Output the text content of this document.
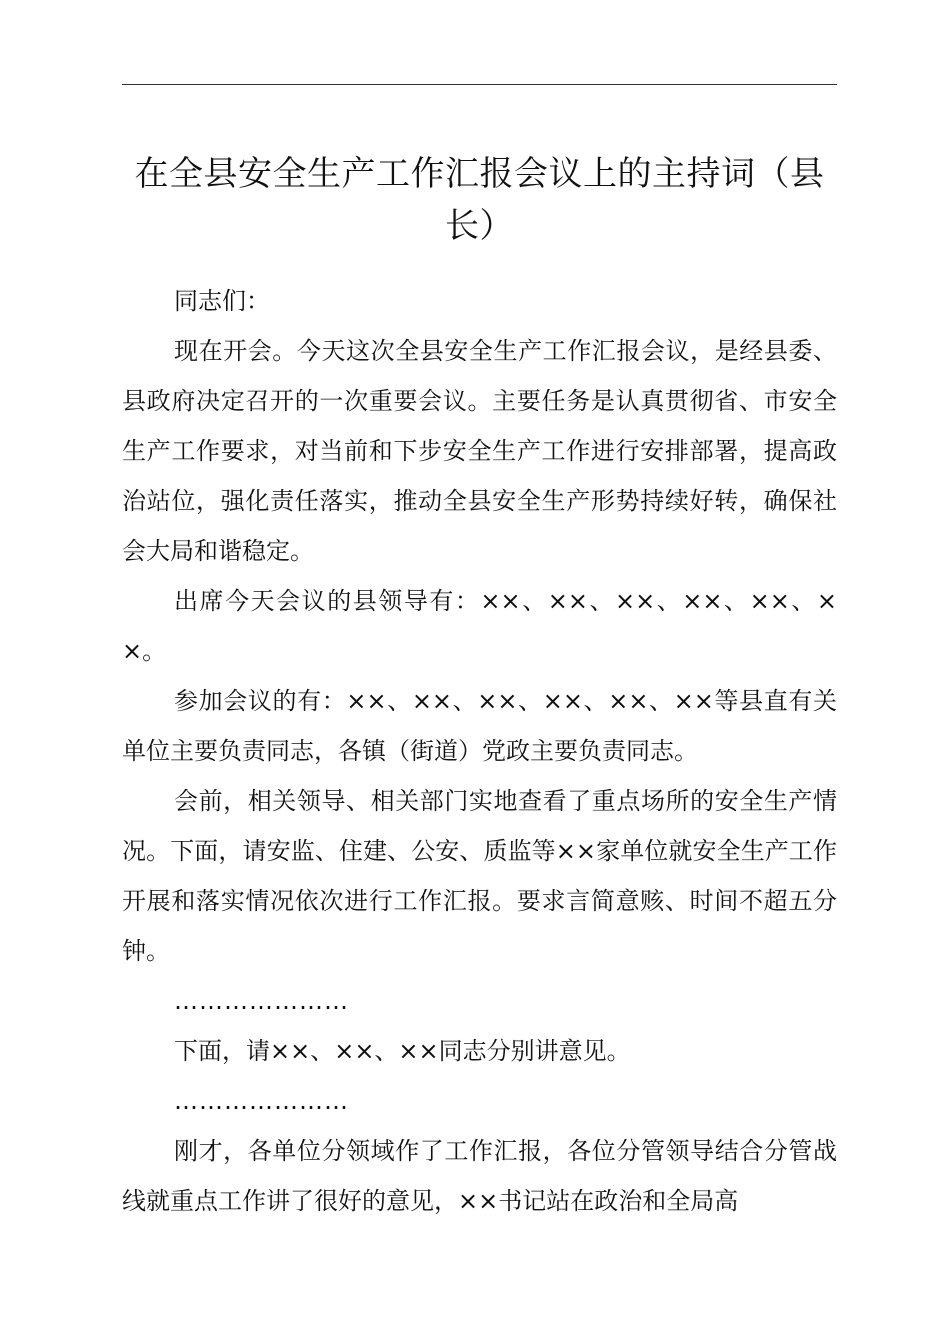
在全县安全生产工作汇报会议上的主持词（县长）

同志们：

现在开会。今天这次全县安全生产工作汇报会议，是经县委、县政府决定召开的一次重要会议。主要任务是认真贯彻省、市安全生产工作要求，对当前和下步安全生产工作进行安排部署，提高政治站位，强化责任落实，推动全县安全生产形势持续好转，确保社会大局和谐稳定。

出席今天会议的县领导有：××、××、××、××、××、××。

参加会议的有：××、××、××、××、××、××等县直有关单位主要负责同志，各镇（街道）党政主要负责同志。

会前，相关领导、相关部门实地查看了重点场所的安全生产情况。下面，请安监、住建、公安、质监等××家单位就安全生产工作开展和落实情况依次进行工作汇报。要求言简意赅、时间不超五分钟。

…………………

下面，请××、××、××同志分别讲意见。

…………………

刚才，各单位分领域作了工作汇报，各位分管领导结合分管战线就重点工作讲了很好的意见，××书记站在政治和全局高
